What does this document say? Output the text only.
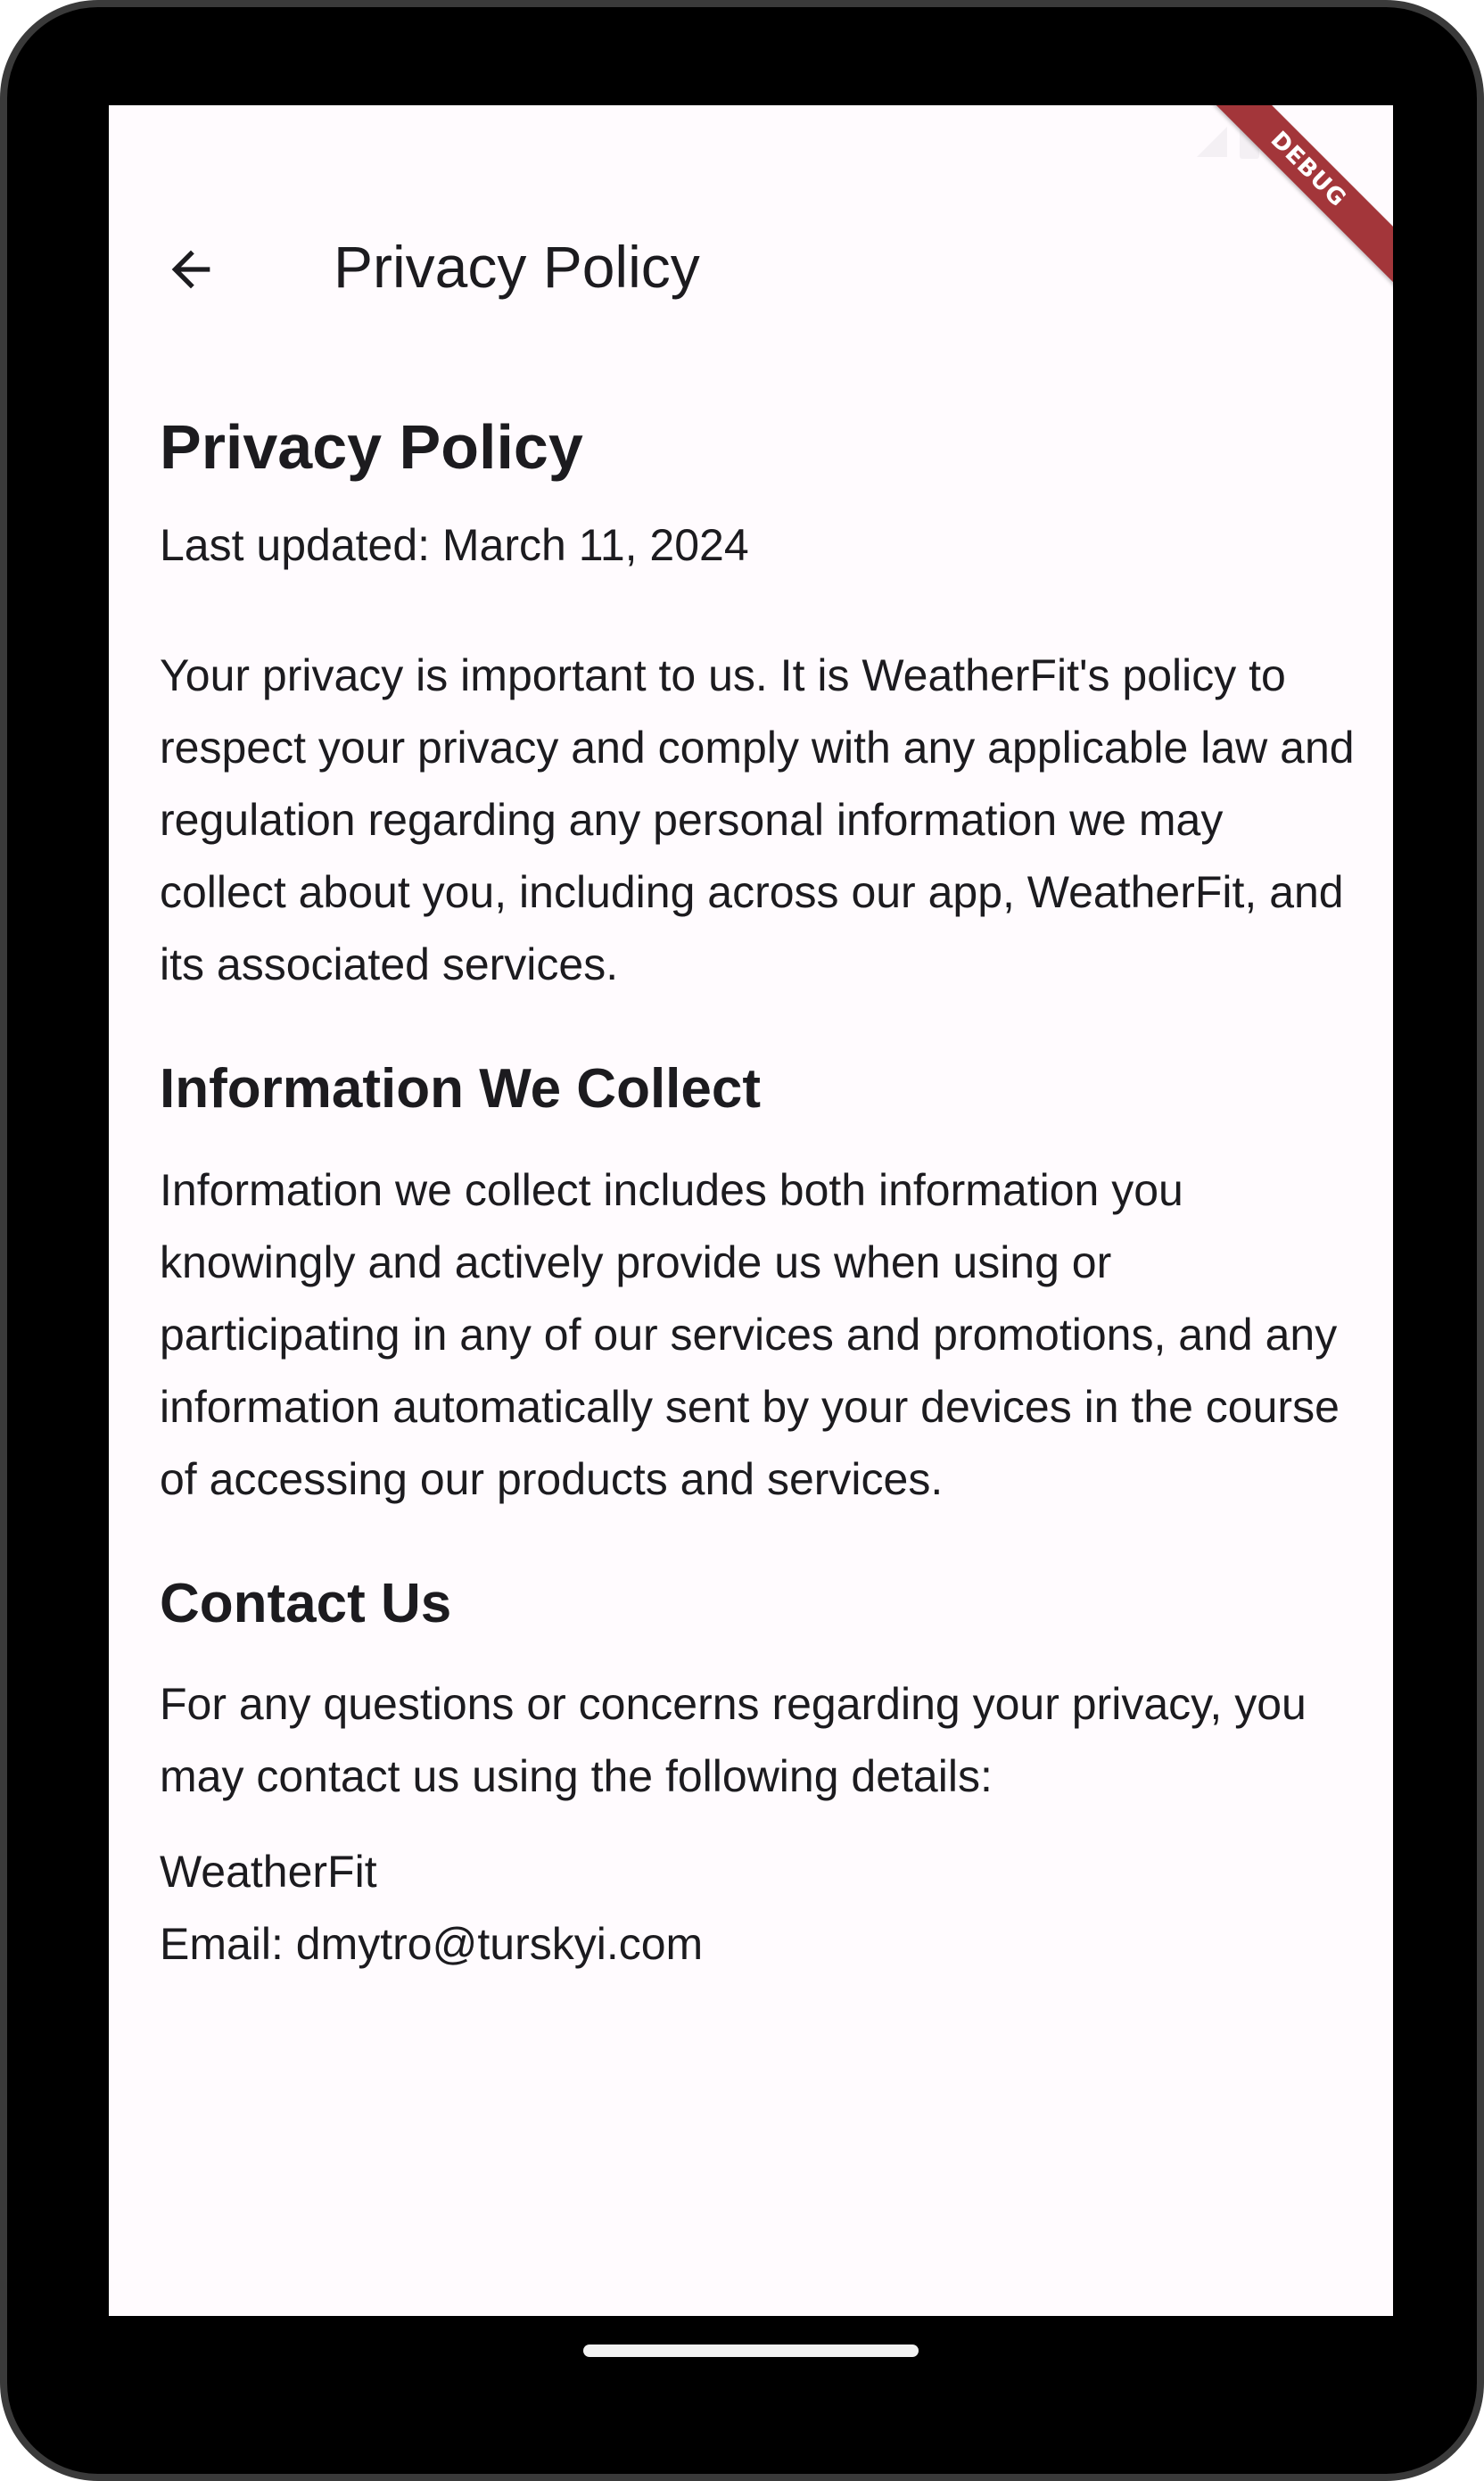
DEBUG
Privacy Policy
Privacy Policy
Last updated: March 11, 2024
Your privacy is important to us. It is WeatherFit's policy to respect your privacy and comply with any applicable law and regulation regarding any personal information we may collect about you, including across our app, WeatherFit, and its associated services.
Information We Collect
Information we collect includes both information you knowingly and actively provide us when using or participating in any of our services and promotions, and any information automatically sent by your devices in the course of accessing our products and services.
Contact Us
For any questions or concerns regarding your privacy, you may contact us using the following details:
WeatherFit
Email: dmytro@turskyi.com
